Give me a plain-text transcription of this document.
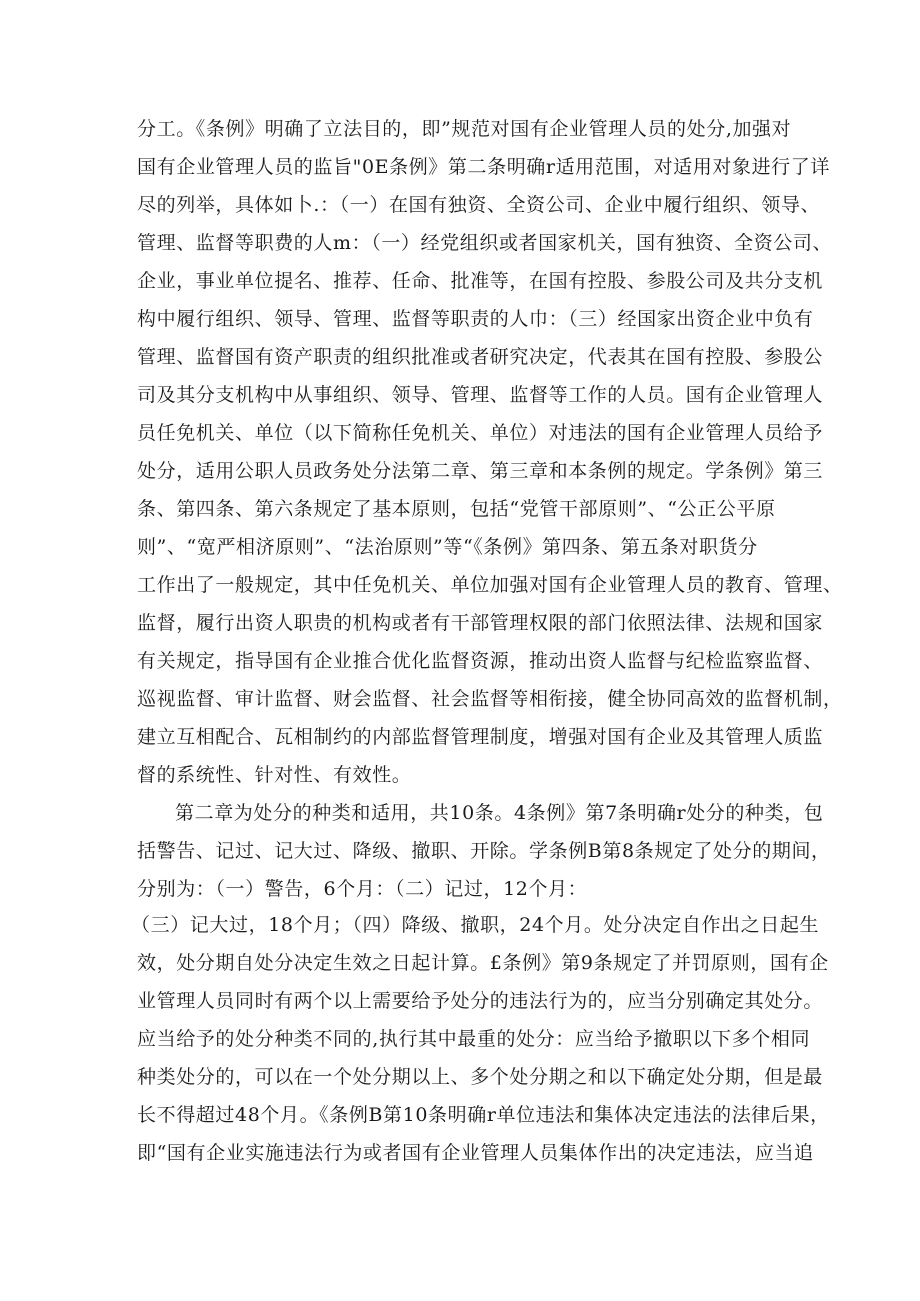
分工。《条例》明确了立法目的，即”规范对国有企业管理人员的处分,加强对
国有企业管理人员的监旨"0E条例》第二条明确r适用范围，对适用对象进行了详
尽的列举，具体如卜.：（一）在国有独资、全资公司、企业中履行组织、领导、
管理、监督等职费的人m：（一）经党组织或者国家机关，国有独资、全资公司、
企业，事业单位提名、推荐、任命、批准等，在国有控股、参股公司及共分支机
构中履行组织、领导、管理、监督等职责的人巾：（三）经国家出资企业中负有
管理、监督国有资产职责的组织批准或者研究决定，代表其在国有控股、参股公
司及其分支机构中从事组织、领导、管理、监督等工作的人员。国有企业管理人
员任免机关、单位（以下简称任免机关、单位）对违法的国有企业管理人员给予
处分，适用公职人员政务处分法第二章、第三章和本条例的规定。学条例》第三
条、第四条、第六条规定了基本原则，包括“党管干部原则”、“公正公平原
则”、“宽严相济原则”、“法治原则”等“《条例》第四条、第五条对职货分
工作出了一般规定，其中任免机关、单位加强对国有企业管理人员的教育、管理、
监督，履行出资人职贵的机构或者有干部管理权限的部门依照法律、法规和国家
有关规定，指导国有企业推合优化监督资源，推动出资人监督与纪检监察监督、
巡视监督、审计监督、财会监督、社会监督等相衔接，健全协同高效的监督机制，
建立互相配合、瓦相制约的内部监督管理制度，增强对国有企业及其管理人质监
督的系统性、针对性、有效性。
第二章为处分的种类和适用，共10条。4条例》第7条明确r处分的种类，包
括警告、记过、记大过、降级、撤职、开除。学条例B第8条规定了处分的期间，
分别为：（一）警告，6个月：（二）记过，12个月：
（三）记大过，18个月；（四）降级、撤职，24个月。处分决定自作出之日起生
效，处分期自处分决定生效之日起计算。£条例》第9条规定了并罚原则，国有企
业管理人员同时有两个以上需要给予处分的违法行为的，应当分别确定其处分。
应当给予的处分种类不同的,执行其中最重的处分：应当给予撤职以下多个相同
种类处分的，可以在一个处分期以上、多个处分期之和以下确定处分期，但是最
长不得超过48个月。《条例B第10条明确r单位违法和集体决定违法的法律后果，
即“国有企业实施违法行为或者国有企业管理人员集体作出的决定违法，应当追
